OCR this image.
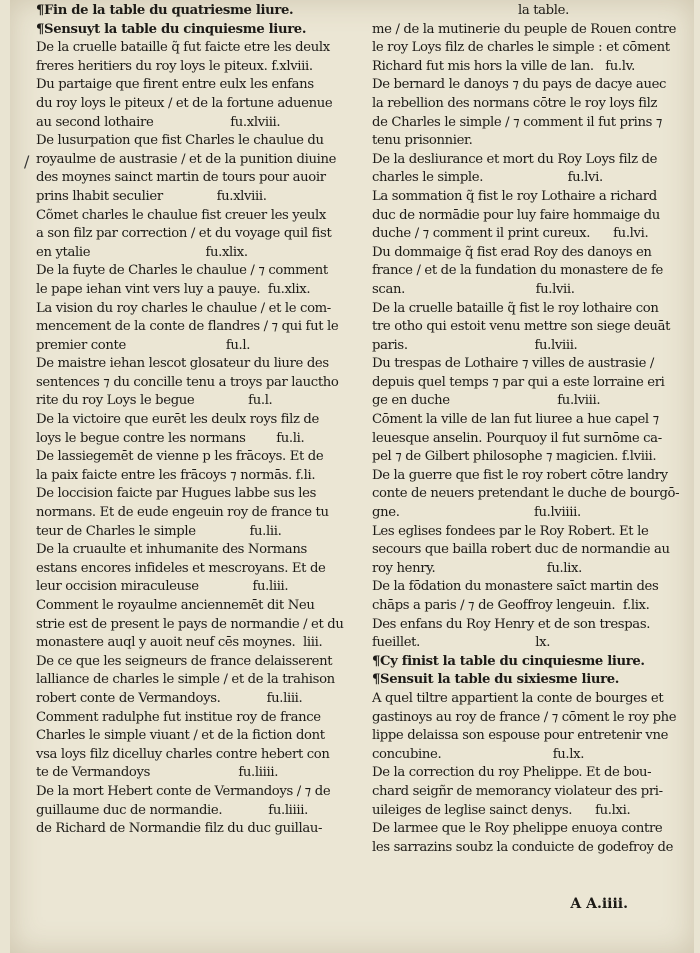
¶Fin de la table du quatriesme liure.
¶Sensuyt la table du cinquiesme liure.
De la cruelle bataille q̃ fut faicte etre les deulx
freres heritiers du roy loys le piteux. f.xlviii.
Du partaige que firent entre eulx les enfans
du roy loys le piteux / et de la fortune aduenue
au second lothaire                    fu.xlviii.
De lusurpation que fist Charles le chaulue du
royaulme de austrasie / et de la punition diuine
des moynes sainct martin de tours pour auoir
prins lhabit seculier              fu.xlviii.
Cõmet charles le chaulue fist creuer les yeulx
a son filz par correction / et du voyage quil fist
en ytalie                              fu.xlix.
De la fuyte de Charles le chaulue / ⁊ comment
le pape iehan vint vers luy a pauye.  fu.xlix.
La vision du roy charles le chaulue / et le com-
mencement de la conte de flandres / ⁊ qui fut le
premier conte                          fu.l.
De maistre iehan lescot glosateur du liure des
sentences ⁊ du concille tenu a troys par lauctho
rite du roy Loys le begue              fu.l.
De la victoire que eurēt les deulx roys filz de
loys le begue contre les normans        fu.li.
De lassiegemēt de vienne p les frācoys. Et de
la paix faicte entre les frācoys ⁊ normās. f.li.
De loccision faicte par Hugues labbe sus les
normans. Et de eude engeuin roy de france tu
teur de Charles le simple              fu.lii.
De la cruaulte et inhumanite des Normans
estans encores infideles et mescroyans. Et de
leur occision miraculeuse              fu.liii.
Comment le royaulme anciennemēt dit Neu
strie est de present le pays de normandie / et du
monastere auql y auoit neuf cēs moynes.  liii.
De ce que les seigneurs de france delaisserent
lalliance de charles le simple / et de la trahison
robert conte de Vermandoys.            fu.liii.
Comment radulphe fut institue roy de france
Charles le simple viuant / et de la fiction dont
vsa loys filz dicelluy charles contre hebert con
te de Vermandoys                       fu.liiii.
De la mort Hebert conte de Vermandoys / ⁊ de
guillaume duc de normandie.            fu.liiii.
de Richard de Normandie filz du duc guillau-
la table.
me / de la mutinerie du peuple de Rouen contre
le roy Loys filz de charles le simple : et cōment
Richard fut mis hors la ville de lan.   fu.lv.
De bernard le danoys ⁊ du pays de dacye auec
la rebellion des normans cōtre le roy loys filz
de Charles le simple / ⁊ comment il fut prins ⁊
tenu prisonnier.
De la desliurance et mort du Roy Loys filz de
charles le simple.                      fu.lvi.
La sommation q̃ fist le roy Lothaire a richard
duc de normādie pour luy faire hommaige du
duche / ⁊ comment il print cureux.      fu.lvi.
Du dommaige q̃ fist erad Roy des danoys en
france / et de la fundation du monastere de fe
scan.                                  fu.lvii.
De la cruelle bataille q̃ fist le roy lothaire con
tre otho qui estoit venu mettre son siege deuāt
paris.                                 fu.lviii.
Du trespas de Lothaire ⁊ villes de austrasie /
depuis quel temps ⁊ par qui a este lorraine eri
ge en duche                            fu.lviii.
Cōment la ville de lan fut liuree a hue capel ⁊
leuesque anselin. Pourquoy il fut surnōme ca-
pel ⁊ de Gilbert philosophe ⁊ magicien. f.lviii.
De la guerre que fist le roy robert cōtre landry
conte de neuers pretendant le duche de bourgō-
gne.                                   fu.lviiii.
Les eglises fondees par le Roy Robert. Et le
secours que bailla robert duc de normandie au
roy henry.                             fu.lix.
De la fōdation du monastere saīct martin des
chāps a paris / ⁊ de Geoffroy lengeuin.  f.lix.
Des enfans du Roy Henry et de son trespas.
fueillet.                              lx.
¶Cy finist la table du cinquiesme liure.
¶Sensuit la table du sixiesme liure.
A quel tiltre appartient la conte de bourges et
gastinoys au roy de france / ⁊ cōment le roy phe
lippe delaissa son espouse pour entretenir vne
concubine.                             fu.lx.
De la correction du roy Phelippe. Et de bou-
chard seigñr de memorancy violateur des pri-
uileiges de leglise sainct denys.      fu.lxi.
De larmee que le Roy phelippe enuoya contre
les sarrazins soubz la conduicte de godefroy de
A A.iiii.
/
